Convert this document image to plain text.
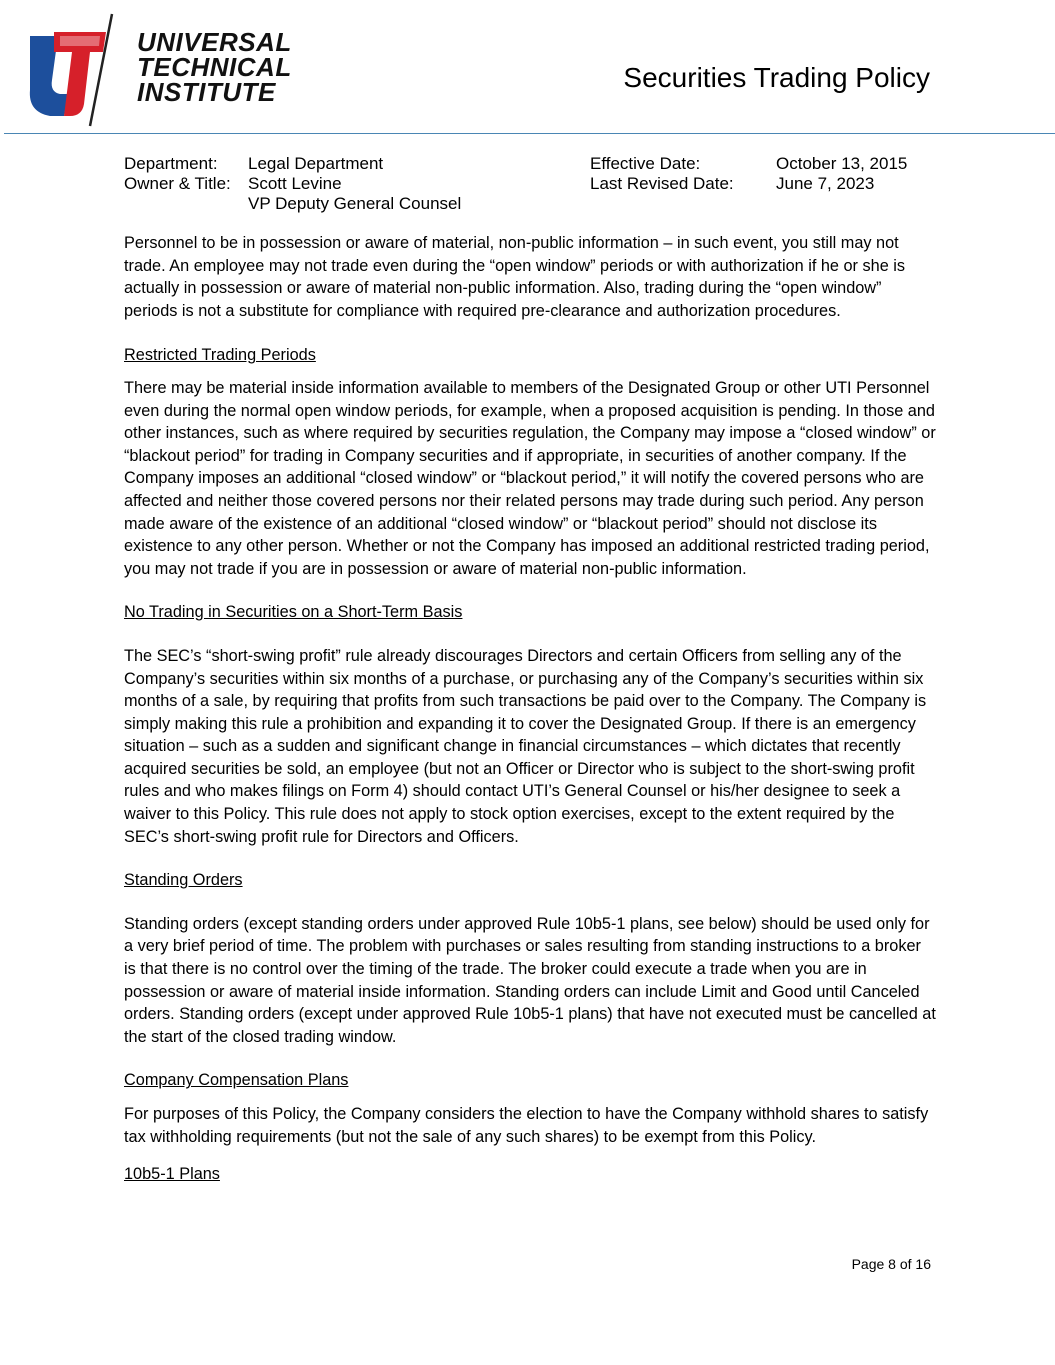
UNIVERSAL
TECHNICAL
INSTITUTE	Securities Trading Policy
Department:
Owner & Title:
Legal Department
Scott Levine
VP Deputy General Counsel
Effective Date:
Last Revised Date:
October 13, 2015
June 7, 2023

Personnel to be in possession or aware of material, non-public information – in such event, you still may not trade. An employee may not trade even during the “open window” periods or with authorization if he or she is actually in possession or aware of material non-public information. Also, trading during the “open window” periods is not a substitute for compliance with required pre-clearance and authorization procedures.

Restricted Trading Periods

There may be material inside information available to members of the Designated Group or other UTI Personnel even during the normal open window periods, for example, when a proposed acquisition is pending. In those and other instances, such as where required by securities regulation, the Company may impose a “closed window” or “blackout period” for trading in Company securities and if appropriate, in securities of another company. If the Company imposes an additional “closed window” or “blackout period,” it will notify the covered persons who are affected and neither those covered persons nor their related persons may trade during such period. Any person made aware of the existence of an additional “closed window” or “blackout period” should not disclose its existence to any other person. Whether or not the Company has imposed an additional restricted trading period, you may not trade if you are in possession or aware of material non-public information.

No Trading in Securities on a Short-Term Basis

The SEC’s “short-swing profit” rule already discourages Directors and certain Officers from selling any of the Company’s securities within six months of a purchase, or purchasing any of the Company’s securities within six months of a sale, by requiring that profits from such transactions be paid over to the Company. The Company is simply making this rule a prohibition and expanding it to cover the Designated Group. If there is an emergency situation – such as a sudden and significant change in financial circumstances – which dictates that recently acquired securities be sold, an employee (but not an Officer or Director who is subject to the short-swing profit rules and who makes filings on Form 4) should contact UTI’s General Counsel or his/her designee to seek a waiver to this Policy. This rule does not apply to stock option exercises, except to the extent required by the SEC’s short-swing profit rule for Directors and Officers.

Standing Orders

Standing orders (except standing orders under approved Rule 10b5-1 plans, see below) should be used only for a very brief period of time. The problem with purchases or sales resulting from standing instructions to a broker is that there is no control over the timing of the trade. The broker could execute a trade when you are in possession or aware of material inside information. Standing orders can include Limit and Good until Canceled orders. Standing orders (except under approved Rule 10b5-1 plans) that have not executed must be cancelled at the start of the closed trading window.

Company Compensation Plans

For purposes of this Policy, the Company considers the election to have the Company withhold shares to satisfy tax withholding requirements (but not the sale of any such shares) to be exempt from this Policy.

10b5-1 Plans
Page 8 of 16
